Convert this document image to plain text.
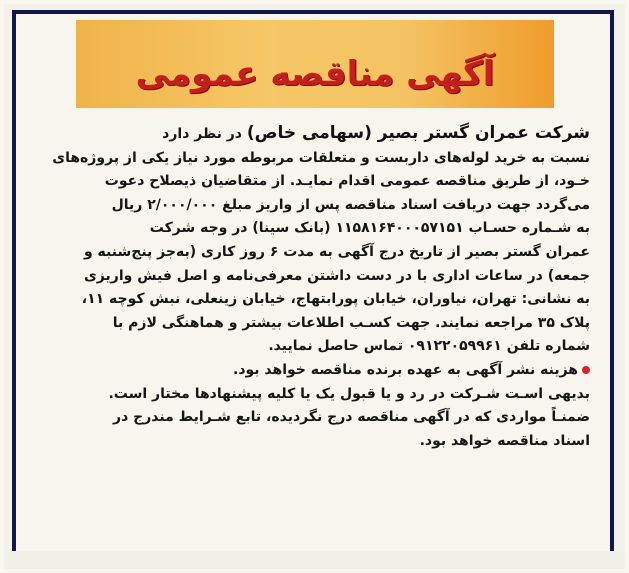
آگهی مناقصه عمومی
شرکت عمران گستر بصیر (سهامی خاص) در نظر دارد
نسبت به خرید لوله‌های داربست و متعلقات مربوطه مورد نیاز یکی از پروژه‌های
خـود، از طریق مناقصه عمومی اقدام نمایـد. از متقاضیان ذیصلاح دعوت
می‌گردد جهت دریافت اسناد مناقصه پس از واریز مبلغ ۲/۰۰۰/۰۰۰ ریال
به شـماره حسـاب ۱۱۵۸۱۶۴۰۰۰۵۷۱۵۱ (بانک سینا) در وجه شرکت
عمران گستر بصیر از تاریخ درج آگهی به مدت ۶ روز کاری (به‌جز پنج‌شنبه و
جمعه) در ساعات اداری با در دست داشتن معرفی‌نامه و اصل فیش واریزی
به نشانی: تهران، نیاوران، خیابان پورابتهاج، خیابان زینعلی، نبش کوچه ۱۱،
پلاک ۳۵ مراجعه نمایند. جهت کسـب اطلاعات بیشتر و هماهنگی لازم با
شماره تلفن ۰۹۱۲۲۰۵۹۹۶۱ تماس حاصل نمایید.
هزینه نشر آگهی به عهده برنده مناقصه خواهد بود.
بدیهی اسـت شـرکت در رد و یا قبول یک یا کلیه پیشنهادها مختار است.
ضمنـاً مواردی که در آگهی مناقصه درج نگردیده، تابع شـرایط مندرج در
اسناد مناقصه خواهد بود.
